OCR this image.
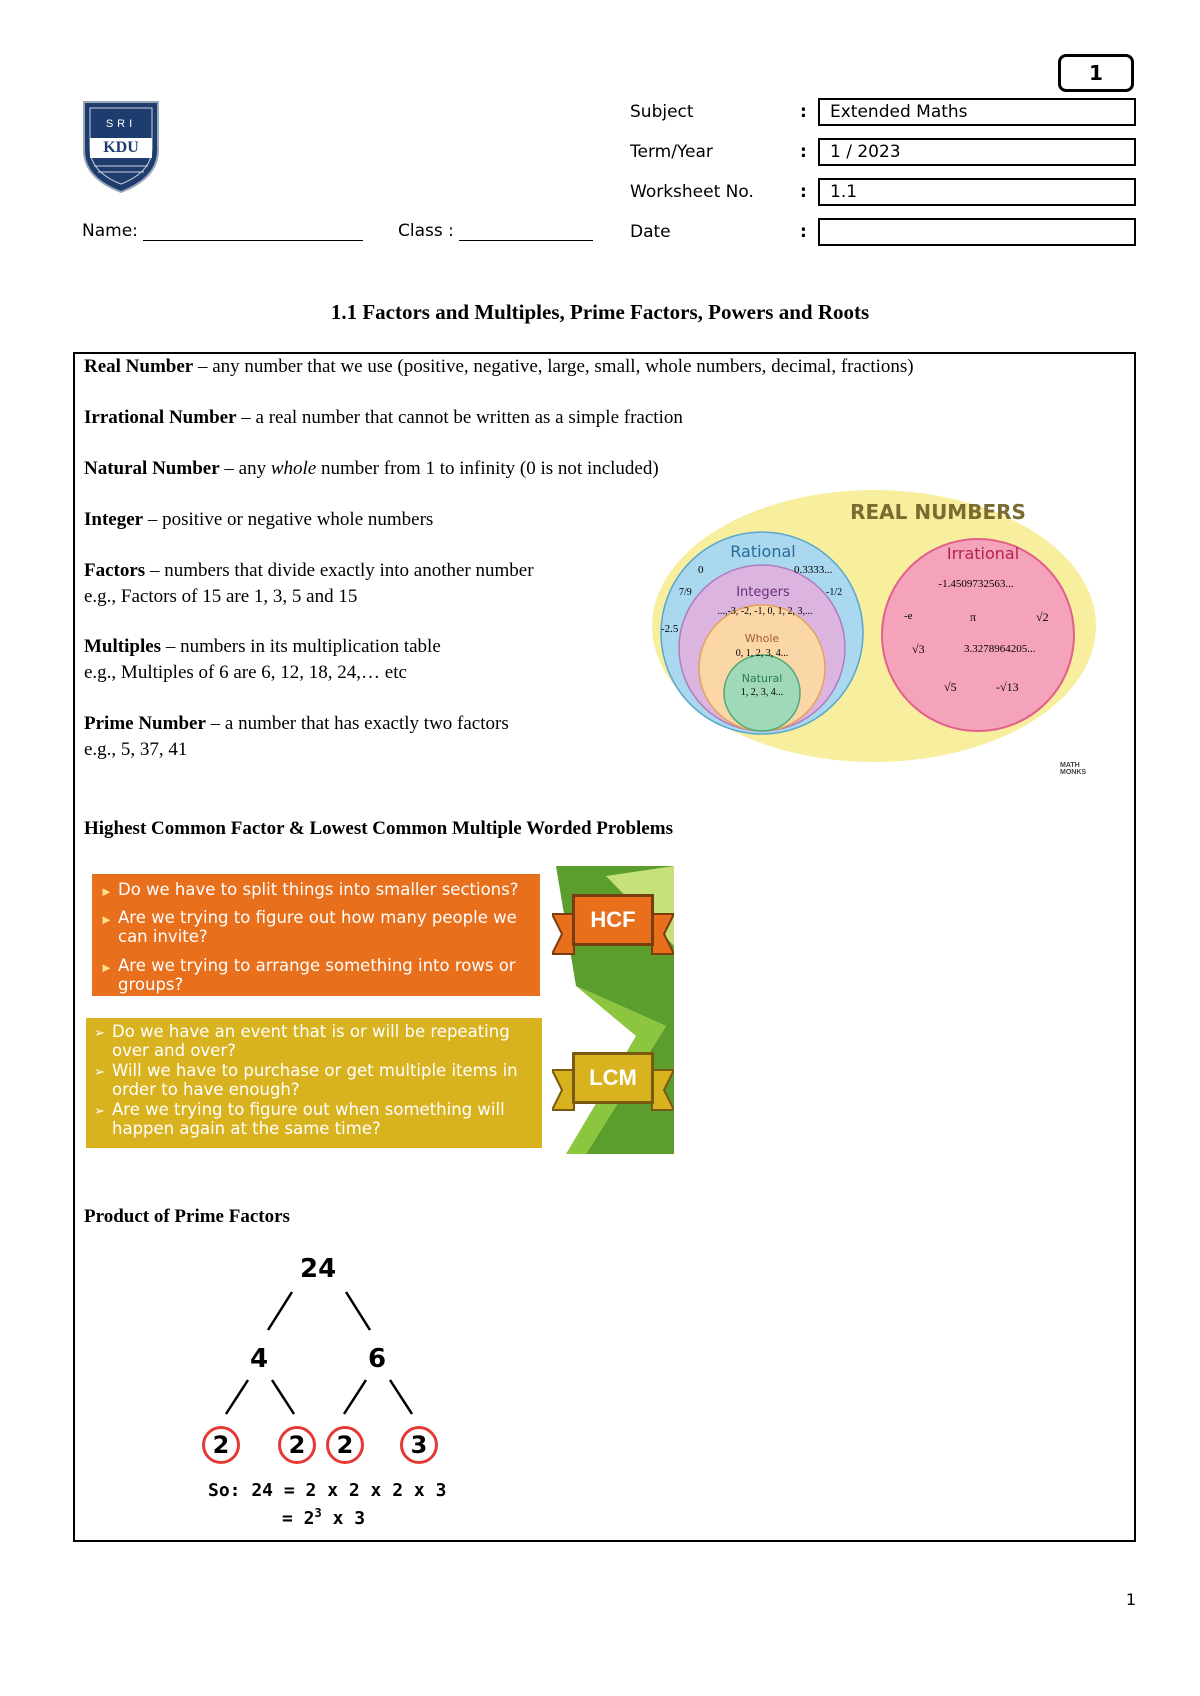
1
SRI
KDU
Name:	Class :
Subject	:	Extended Maths
Term/Year	:	1 / 2023
Worksheet No.	:	1.1
Date	:
1.1 Factors and Multiples, Prime Factors, Powers and Roots
Real Number – any number that we use (positive, negative, large, small, whole numbers, decimal, fractions)
Irrational Number – a real number that cannot be written as a simple fraction
Natural Number – any whole number from 1 to infinity (0 is not included)
Integer – positive or negative whole numbers
Factors – numbers that divide exactly into another number
e.g., Factors of 15 are 1, 3, 5 and 15
Multiples – numbers in its multiplication table
e.g., Multiples of 6 are 6, 12, 18, 24,… etc
Prime Number – a number that has exactly two factors
e.g., 5, 37, 41
REAL NUMBERS
Rational	Irrational
0	0.3333...
7/9	-1/2
-2.5
Integers
...,-3, -2, -1, 0, 1, 2, 3,...
Whole
0, 1, 2, 3, 4...
Natural
1, 2, 3, 4...
-1.4509732563...
-e	π	√2
√3	3.3278964205...
√5	-√13
MATH MONKS
Highest Common Factor & Lowest Common Multiple Worded Problems
► Do we have to split things into smaller sections?
► Are we trying to figure out how many people we
can invite?
► Are we trying to arrange something into rows or
groups?
➢ Do we have an event that is or will be repeating
over and over?
➢ Will we have to purchase or get multiple items in
order to have enough?
➢ Are we trying to figure out when something will
happen again at the same time?
HCF
LCM
Product of Prime Factors
24
4	6
2	2	2	3
So: 24 = 2 x 2 x 2 x 3
= $2^3$ x 3
1
